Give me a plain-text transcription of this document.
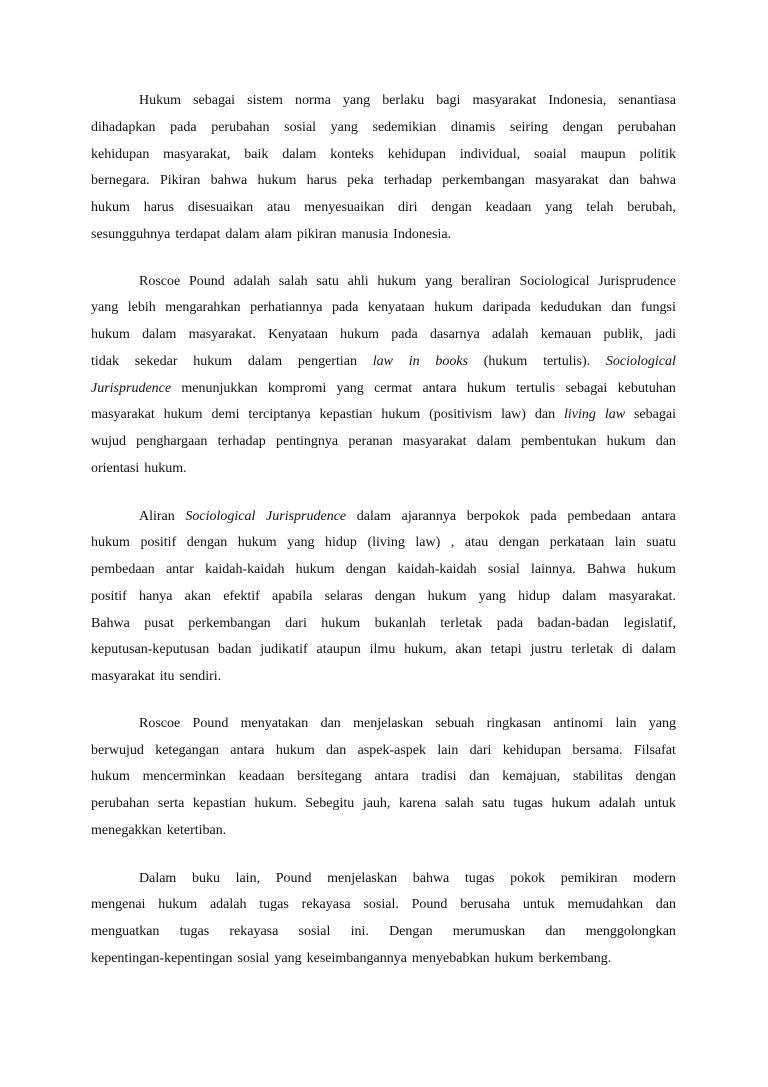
Hukum sebagai sistem norma yang berlaku bagi masyarakat Indonesia, senantiasa
dihadapkan pada perubahan sosial yang sedemikian dinamis seiring dengan perubahan
kehidupan masyarakat, baik dalam konteks kehidupan individual, soaial maupun politik
bernegara. Pikiran bahwa hukum harus peka terhadap perkembangan masyarakat dan bahwa
hukum harus disesuaikan atau menyesuaikan diri dengan keadaan yang telah berubah,
sesungguhnya terdapat dalam alam pikiran manusia Indonesia.
Roscoe Pound adalah salah satu ahli hukum yang beraliran Sociological Jurisprudence
yang lebih mengarahkan perhatiannya pada kenyataan hukum daripada kedudukan dan fungsi
hukum dalam masyarakat. Kenyataan hukum pada dasarnya adalah kemauan publik, jadi
tidak sekedar hukum dalam pengertian law in books (hukum tertulis). Sociological
Jurisprudence menunjukkan kompromi yang cermat antara hukum tertulis sebagai kebutuhan
masyarakat hukum demi terciptanya kepastian hukum (positivism law) dan living law sebagai
wujud penghargaan terhadap pentingnya peranan masyarakat dalam pembentukan hukum dan
orientasi hukum.
Aliran Sociological Jurisprudence dalam ajarannya berpokok pada pembedaan antara
hukum positif dengan hukum yang hidup (living law) , atau dengan perkataan lain suatu
pembedaan antar kaidah-kaidah hukum dengan kaidah-kaidah sosial lainnya. Bahwa hukum
positif hanya akan efektif apabila selaras dengan hukum yang hidup dalam masyarakat.
Bahwa pusat perkembangan dari hukum bukanlah terletak pada badan-badan legislatif,
keputusan-keputusan badan judikatif ataupun ilmu hukum, akan tetapi justru terletak di dalam
masyarakat itu sendiri.
Roscoe Pound menyatakan dan menjelaskan sebuah ringkasan antinomi lain yang
berwujud ketegangan antara hukum dan aspek-aspek lain dari kehidupan bersama. Filsafat
hukum mencerminkan keadaan bersitegang antara tradisi dan kemajuan, stabilitas dengan
perubahan serta kepastian hukum. Sebegitu jauh, karena salah satu tugas hukum adalah untuk
menegakkan ketertiban.
Dalam buku lain, Pound menjelaskan bahwa tugas pokok pemikiran modern
mengenai hukum adalah tugas rekayasa sosial. Pound berusaha untuk memudahkan dan
menguatkan tugas rekayasa sosial ini. Dengan merumuskan dan menggolongkan
kepentingan-kepentingan sosial yang keseimbangannya menyebabkan hukum berkembang.
